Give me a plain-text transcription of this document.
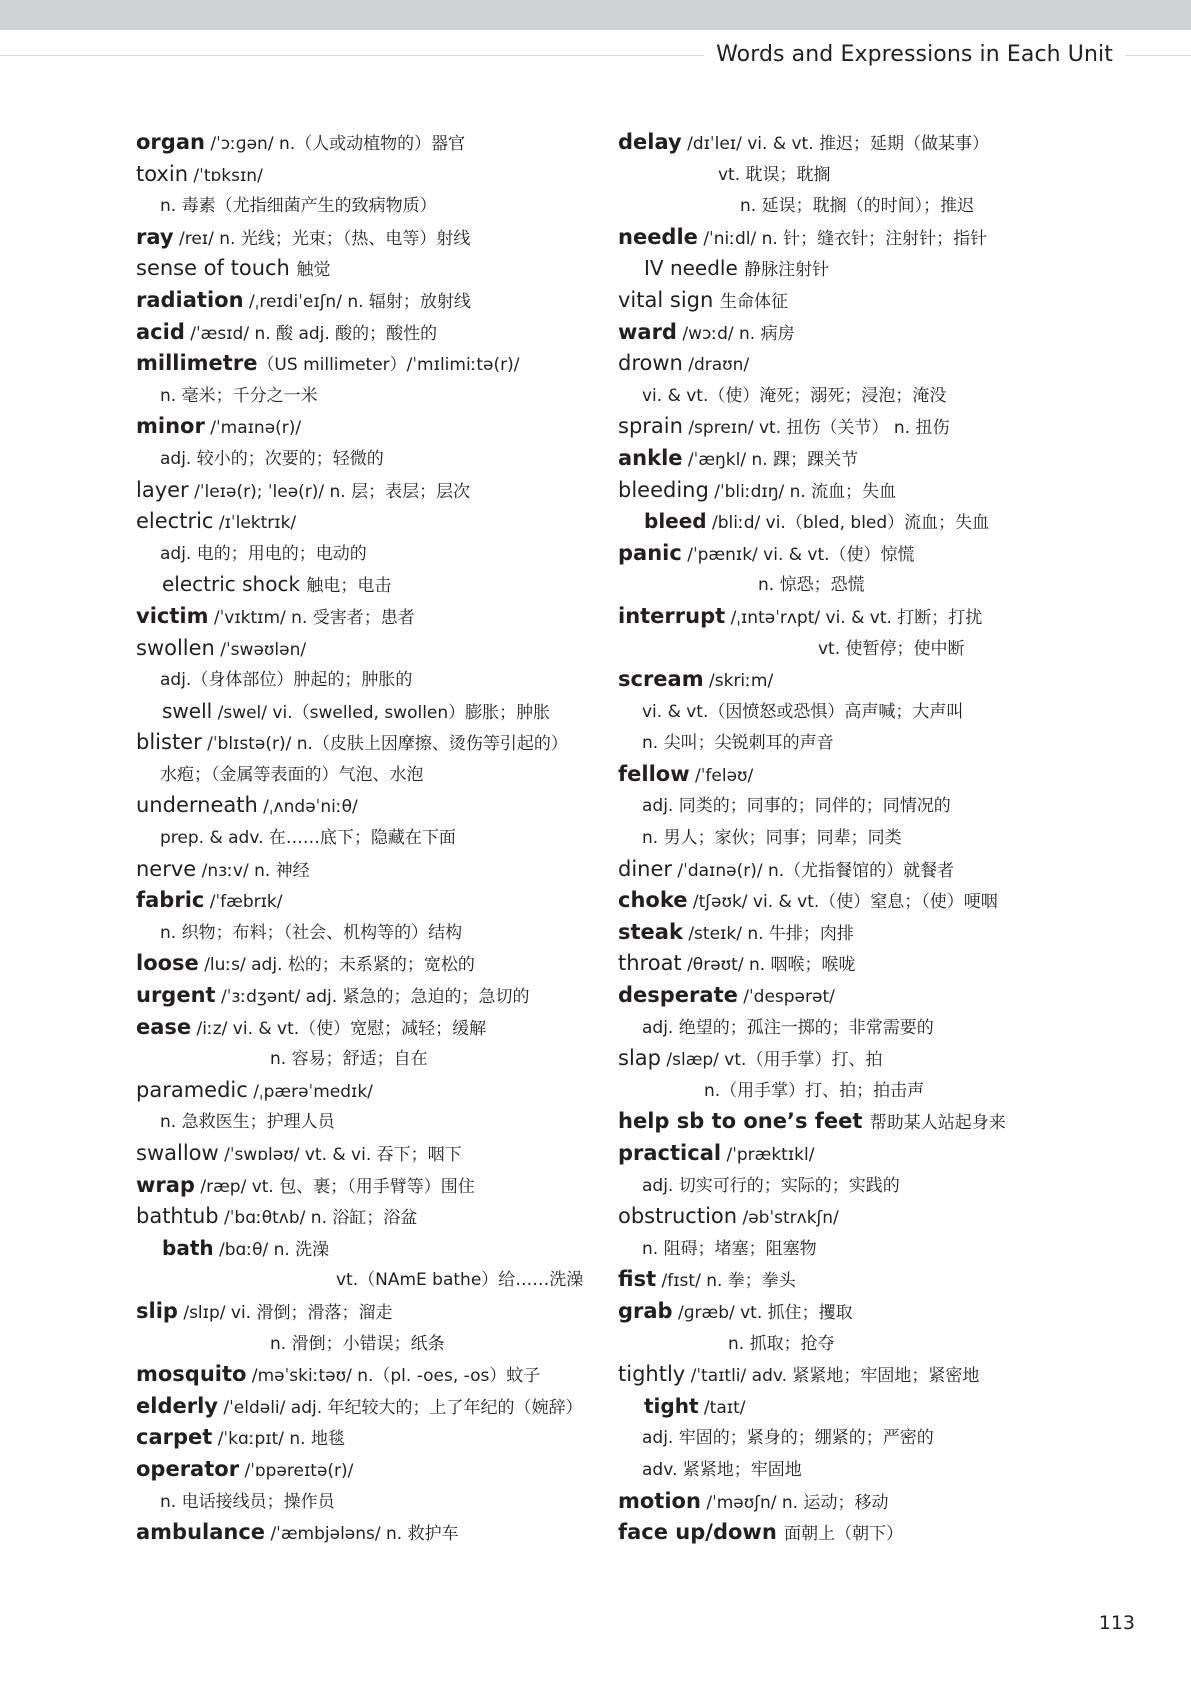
Words and Expressions in Each Unit
organ /ˈɔːɡən/ n.（人或动植物的）器官
toxin /ˈtɒksɪn/
n. 毒素（尤指细菌产生的致病物质）
ray /reɪ/ n. 光线；光束；（热、电等）射线
sense of touch 触觉
radiation /ˌreɪdiˈeɪʃn/ n. 辐射；放射线
acid /ˈæsɪd/ n. 酸 adj. 酸的；酸性的
millimetre（US millimeter）/ˈmɪlimiːtə(r)/
n. 毫米；千分之一米
minor /ˈmaɪnə(r)/
adj. 较小的；次要的；轻微的
layer /ˈleɪə(r); ˈleə(r)/ n. 层；表层；层次
electric /ɪˈlektrɪk/
adj. 电的；用电的；电动的
electric shock 触电；电击
victim /ˈvɪktɪm/ n. 受害者；患者
swollen /ˈswəʊlən/
adj.（身体部位）肿起的；肿胀的
swell /swel/ vi.（swelled, swollen）膨胀；肿胀
blister /ˈblɪstə(r)/ n.（皮肤上因摩擦、烫伤等引起的）
水疱；（金属等表面的）气泡、水泡
underneath /ˌʌndəˈniːθ/
prep. & adv. 在……底下；隐藏在下面
nerve /nɜːv/ n. 神经
fabric /ˈfæbrɪk/
n. 织物；布料；（社会、机构等的）结构
loose /luːs/ adj. 松的；未系紧的；宽松的
urgent /ˈɜːdʒənt/ adj. 紧急的；急迫的；急切的
ease /iːz/ vi. & vt.（使）宽慰；减轻；缓解
n. 容易；舒适；自在
paramedic /ˌpærəˈmedɪk/
n. 急救医生；护理人员
swallow /ˈswɒləʊ/ vt. & vi. 吞下；咽下
wrap /ræp/ vt. 包、裹；（用手臂等）围住
bathtub /ˈbɑːθtʌb/ n. 浴缸；浴盆
bath /bɑːθ/ n. 洗澡
vt.（NAmE bathe）给……洗澡
slip /slɪp/ vi. 滑倒；滑落；溜走
n. 滑倒；小错误；纸条
mosquito /məˈskiːtəʊ/ n.（pl. -oes, -os）蚊子
elderly /ˈeldəli/ adj. 年纪较大的；上了年纪的（婉辞）
carpet /ˈkɑːpɪt/ n. 地毯
operator /ˈɒpəreɪtə(r)/
n. 电话接线员；操作员
ambulance /ˈæmbjələns/ n. 救护车
delay /dɪˈleɪ/ vi. & vt. 推迟；延期（做某事）
vt. 耽误；耽搁
n. 延误；耽搁（的时间）；推迟
needle /ˈniːdl/ n. 针；缝衣针；注射针；指针
IV needle 静脉注射针
vital sign 生命体征
ward /wɔːd/ n. 病房
drown /draʊn/
vi. & vt.（使）淹死；溺死；浸泡；淹没
sprain /spreɪn/ vt. 扭伤（关节） n. 扭伤
ankle /ˈæŋkl/ n. 踝；踝关节
bleeding /ˈbliːdɪŋ/ n. 流血；失血
bleed /bliːd/ vi.（bled, bled）流血；失血
panic /ˈpænɪk/ vi. & vt.（使）惊慌
n. 惊恐；恐慌
interrupt /ˌɪntəˈrʌpt/ vi. & vt. 打断；打扰
vt. 使暂停；使中断
scream /skriːm/
vi. & vt.（因愤怒或恐惧）高声喊；大声叫
n. 尖叫；尖锐刺耳的声音
fellow /ˈfeləʊ/
adj. 同类的；同事的；同伴的；同情况的
n. 男人；家伙；同事；同辈；同类
diner /ˈdaɪnə(r)/ n.（尤指餐馆的）就餐者
choke /tʃəʊk/ vi. & vt.（使）窒息；（使）哽咽
steak /steɪk/ n. 牛排；肉排
throat /θrəʊt/ n. 咽喉；喉咙
desperate /ˈdespərət/
adj. 绝望的；孤注一掷的；非常需要的
slap /slæp/ vt.（用手掌）打、拍
n.（用手掌）打、拍；拍击声
help sb to one’s feet 帮助某人站起身来
practical /ˈpræktɪkl/
adj. 切实可行的；实际的；实践的
obstruction /əbˈstrʌkʃn/
n. 阻碍；堵塞；阻塞物
fist /fɪst/ n. 拳；拳头
grab /ɡræb/ vt. 抓住；攫取
n. 抓取；抢夺
tightly /ˈtaɪtli/ adv. 紧紧地；牢固地；紧密地
tight /taɪt/
adj. 牢固的；紧身的；绷紧的；严密的
adv. 紧紧地；牢固地
motion /ˈməʊʃn/ n. 运动；移动
face up/down 面朝上（朝下）
113
